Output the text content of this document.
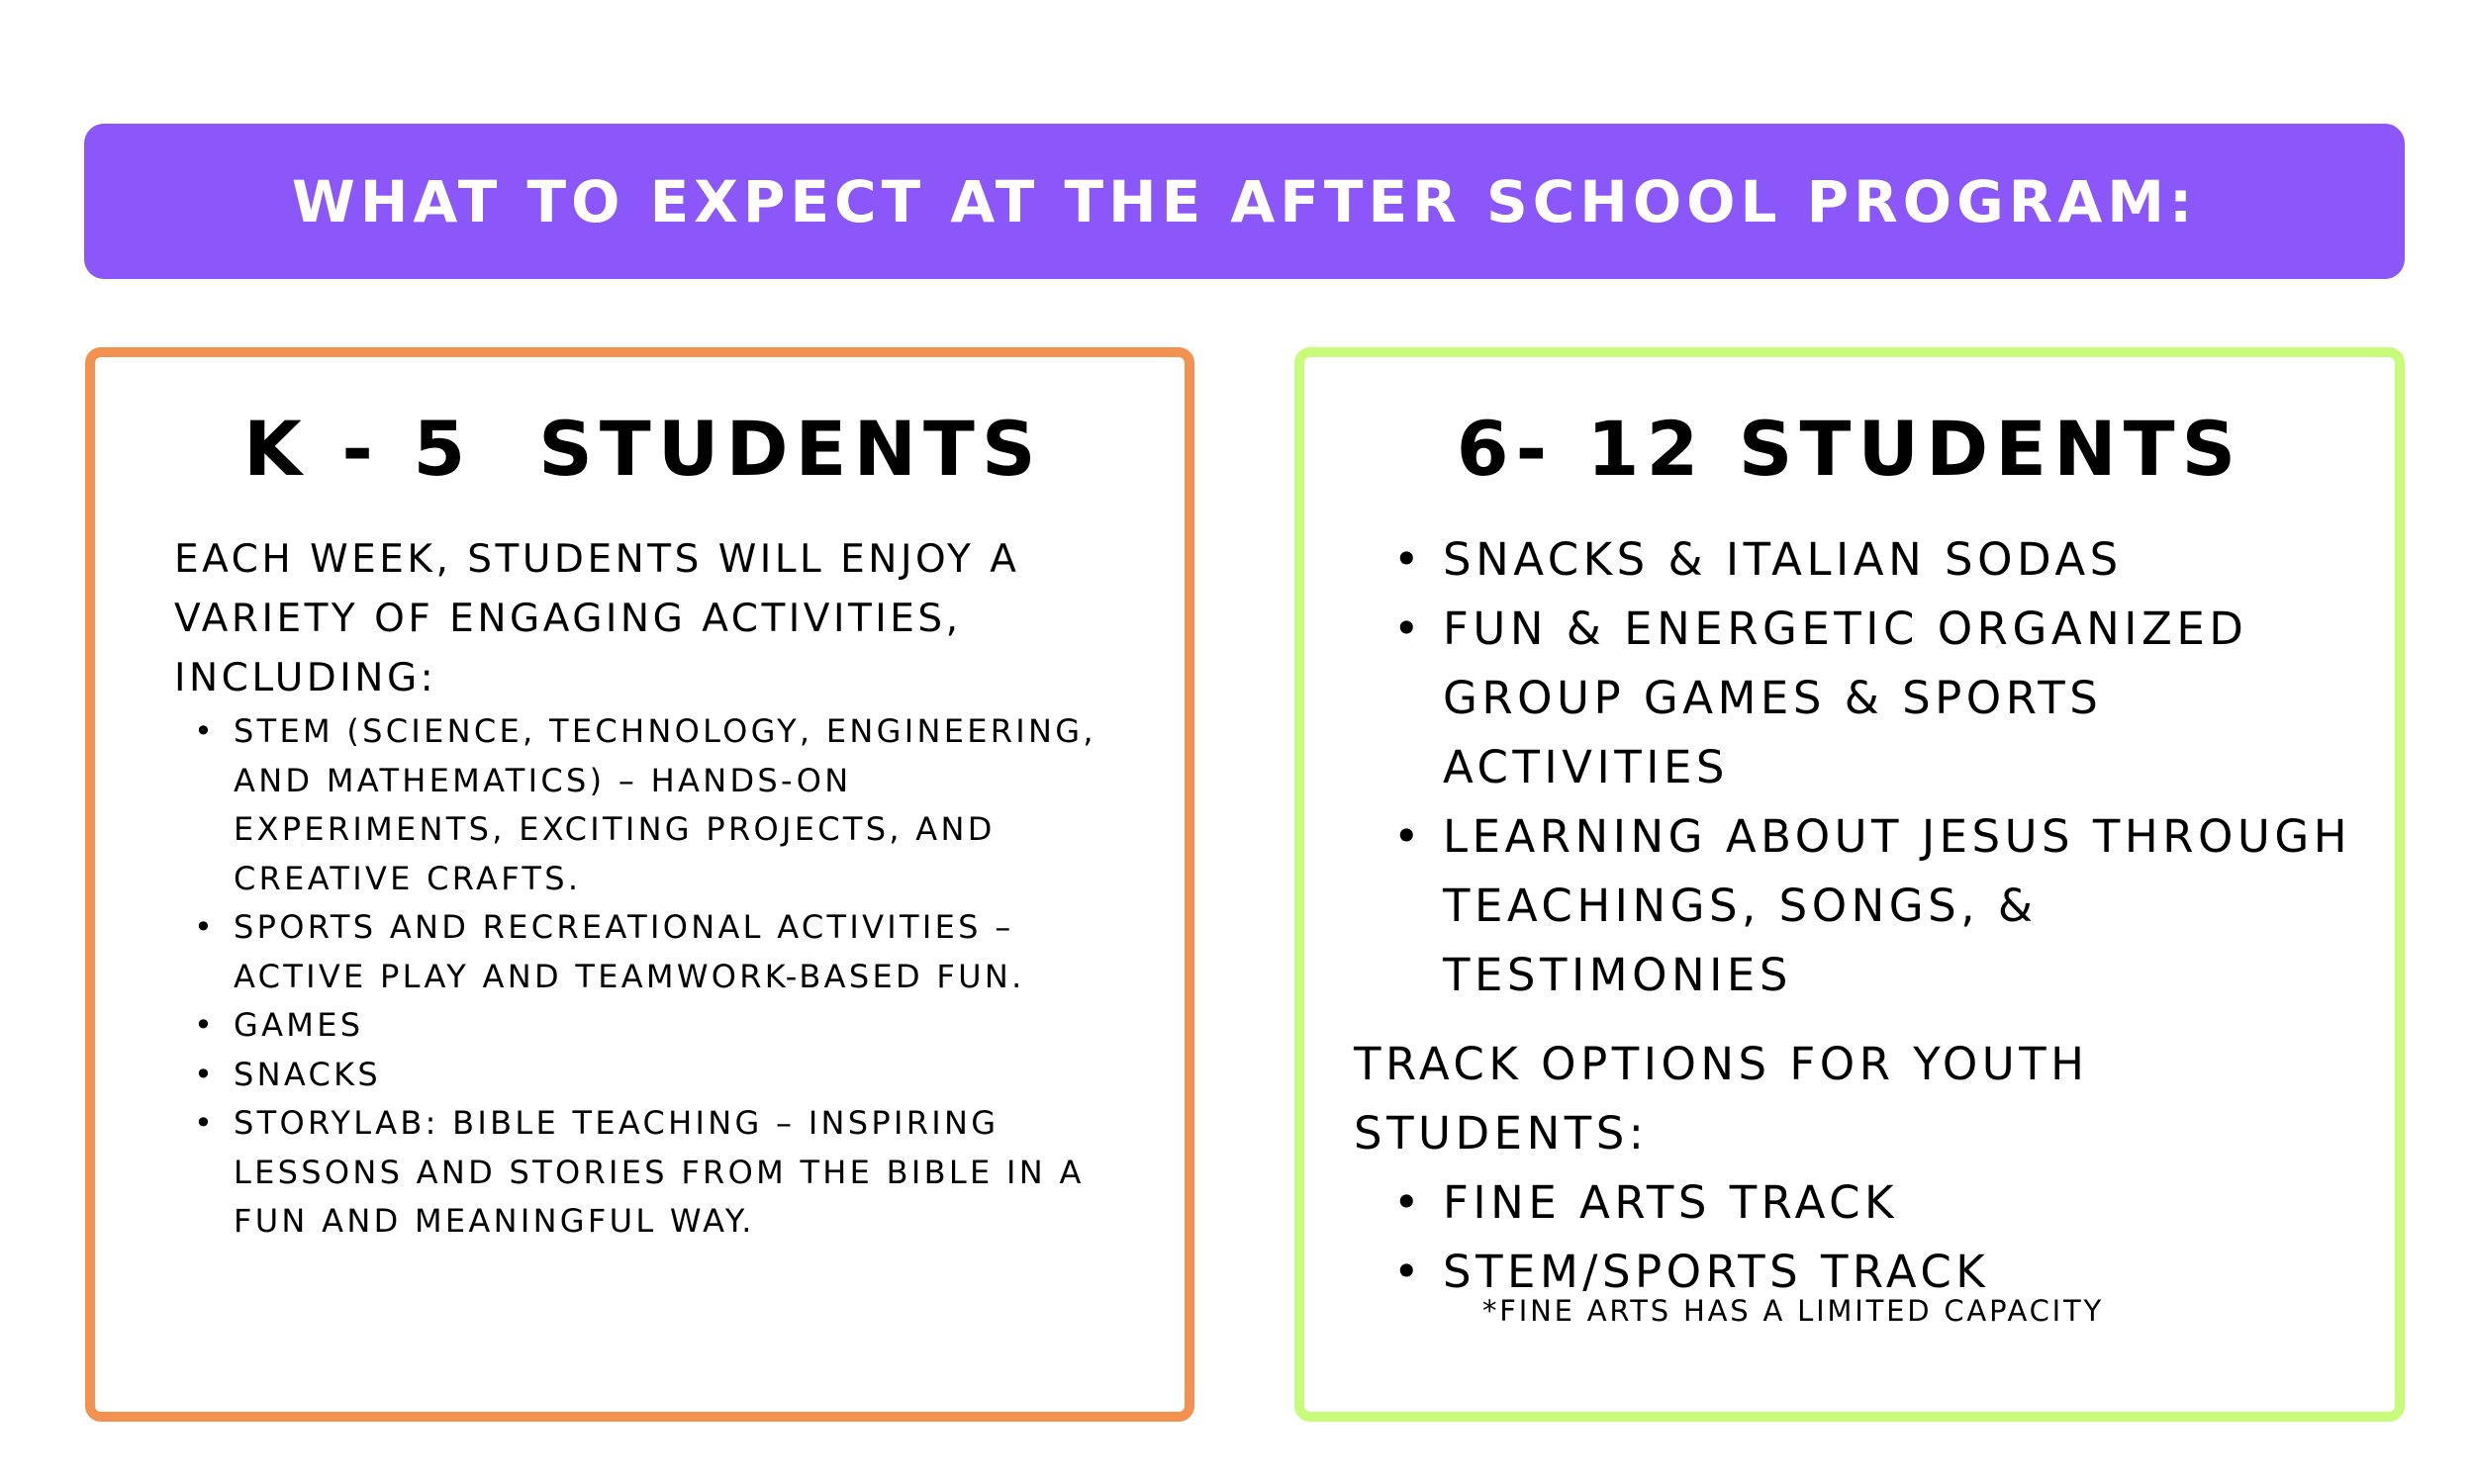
WHAT TO EXPECT AT THE AFTER SCHOOL PROGRAM:
K - 5  STUDENTS

EACH WEEK, STUDENTS WILL ENJOY A VARIETY OF ENGAGING ACTIVITIES, INCLUDING:

• STEM (SCIENCE, TECHNOLOGY, ENGINEERING, AND MATHEMATICS) – HANDS-ON EXPERIMENTS, EXCITING PROJECTS, AND CREATIVE CRAFTS.
• SPORTS AND RECREATIONAL ACTIVITIES – ACTIVE PLAY AND TEAMWORK-BASED FUN.
• GAMES
• SNACKS
• STORYLAB: BIBLE TEACHING – INSPIRING LESSONS AND STORIES FROM THE BIBLE IN A FUN AND MEANINGFUL WAY.
6- 12 STUDENTS
• SNACKS & ITALIAN SODAS
• FUN & ENERGETIC ORGANIZED GROUP GAMES & SPORTS ACTIVITIES
• LEARNING ABOUT JESUS THROUGH TEACHINGS, SONGS, & TESTIMONIES

TRACK OPTIONS FOR YOUTH STUDENTS:

• FINE ARTS TRACK
• STEM/SPORTS TRACK

*FINE ARTS HAS A LIMITED CAPACITY
